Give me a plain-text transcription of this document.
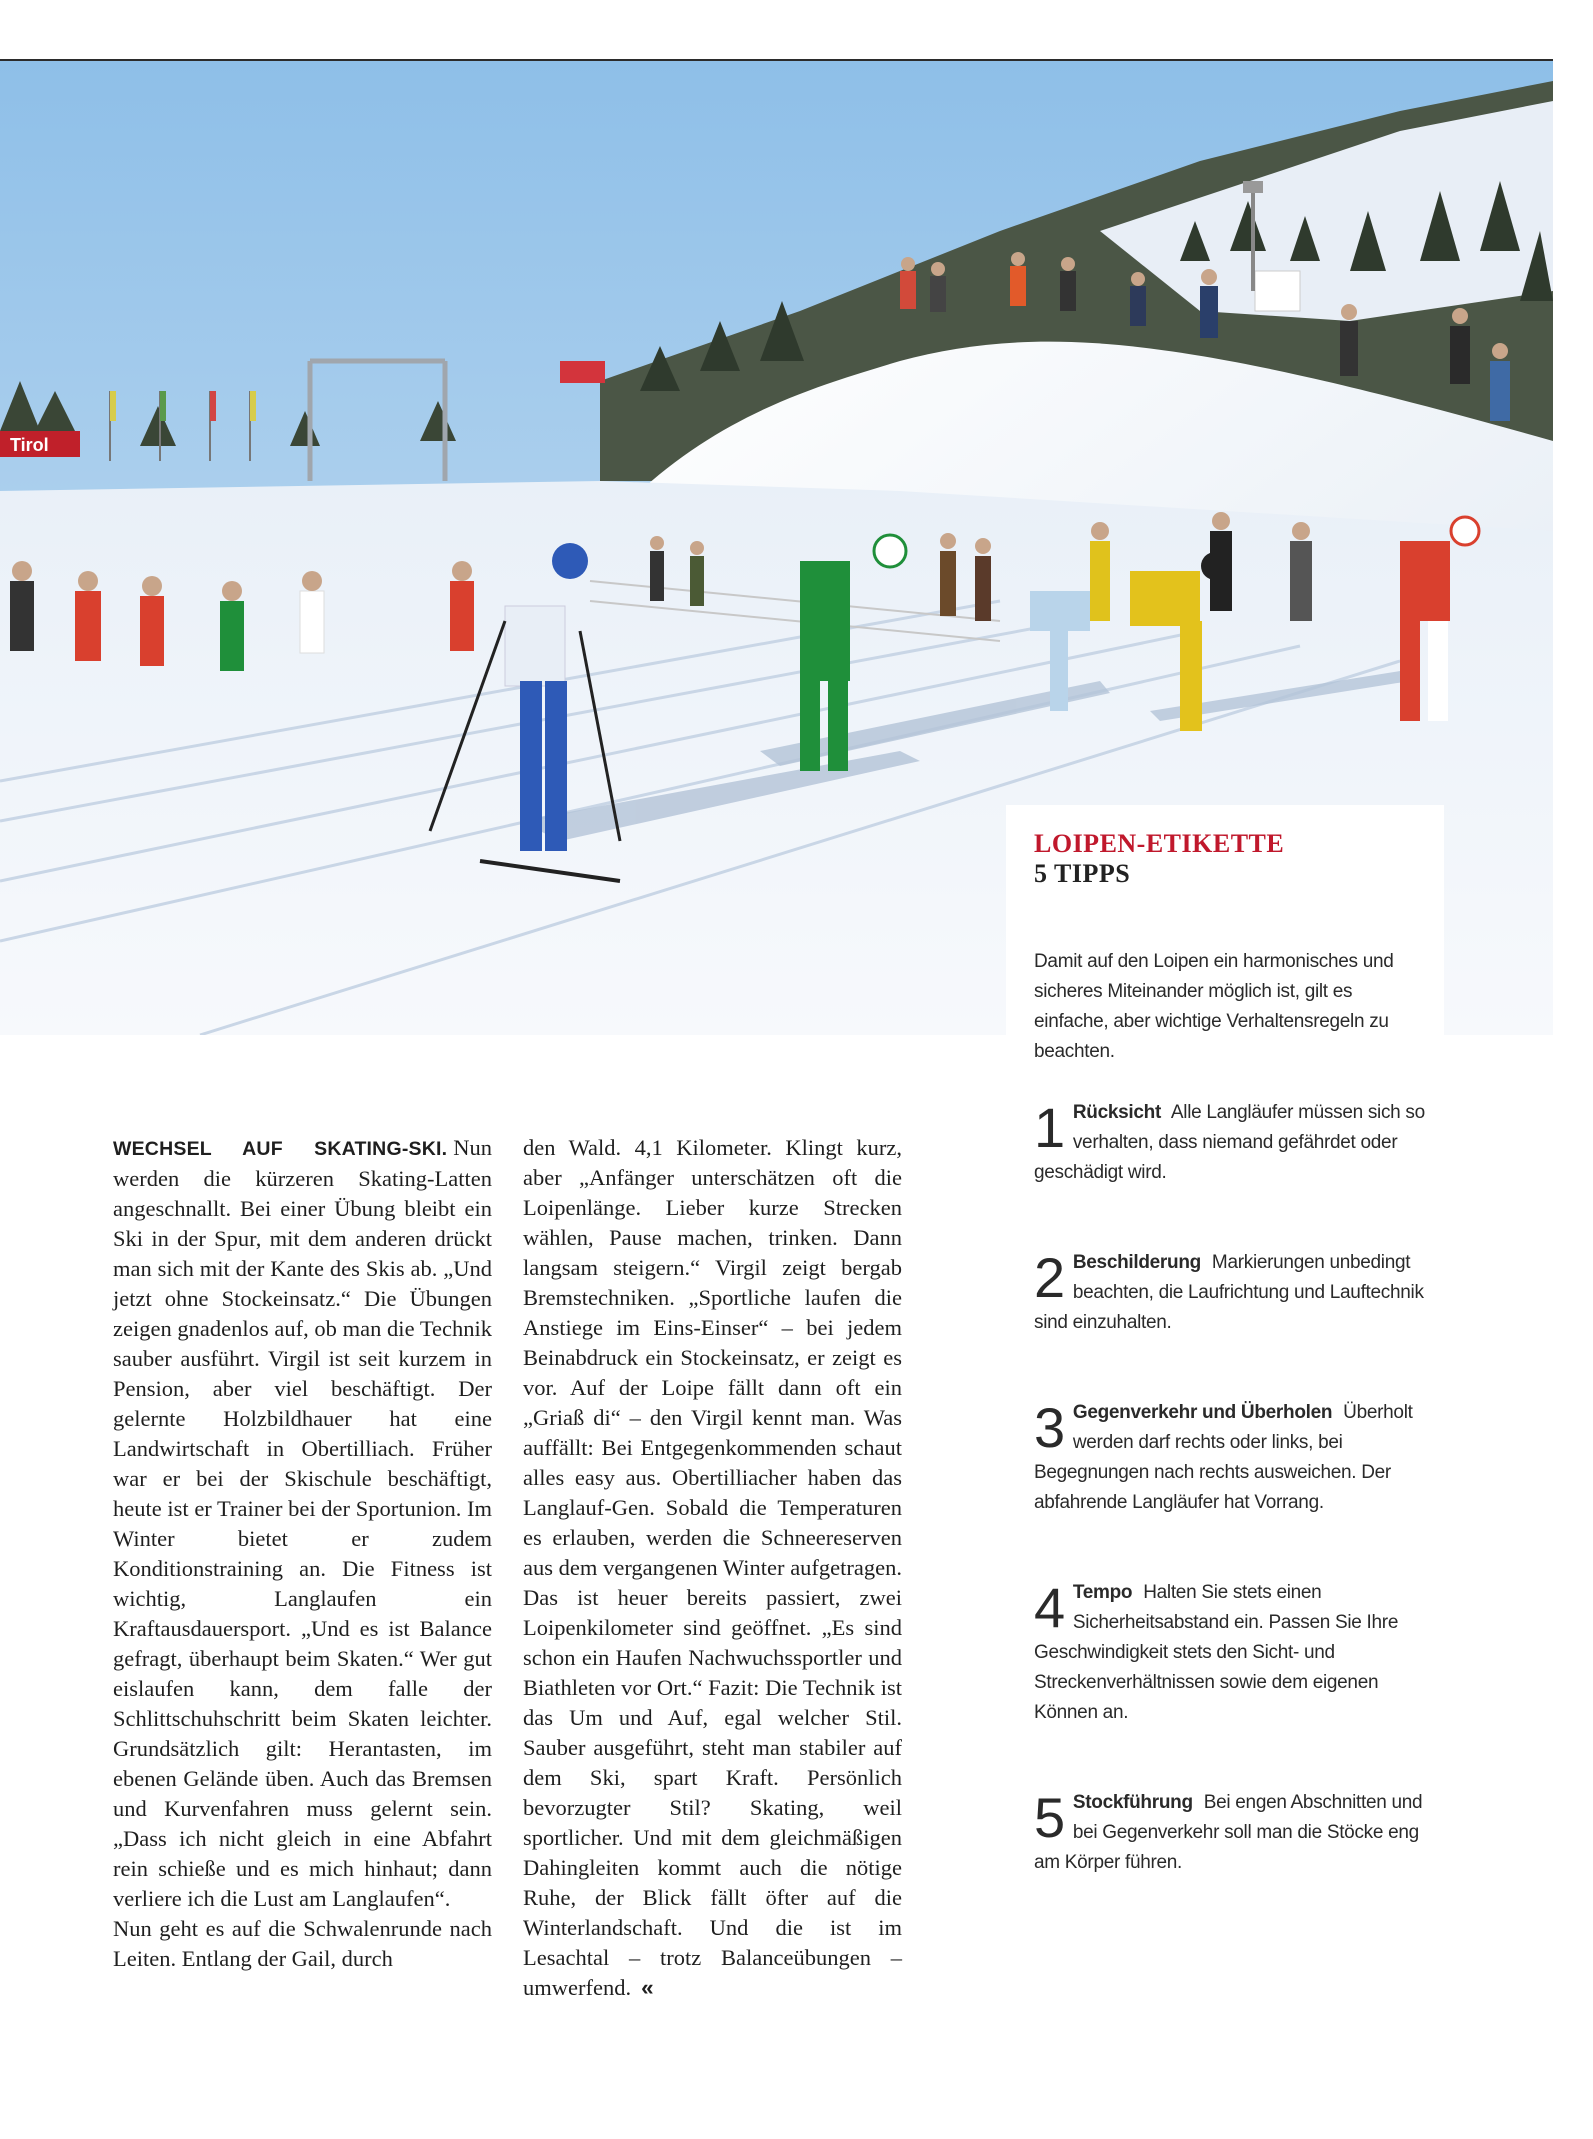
Tirol
LOIPEN-ETIKETTE
5 TIPPS
Damit auf den Loipen ein harmonisches und sicheres Miteinander möglich ist, gilt es einfache, aber wichtige Verhaltensregeln zu beachten.
1 Rücksicht Alle Langläufer müssen sich so verhalten, dass niemand gefährdet oder geschädigt wird.
2 Beschilderung Markierungen unbedingt beachten, die Laufrichtung und Lauftechnik sind einzuhalten.
3 Gegenverkehr und Überholen Überholt werden darf rechts oder links, bei Begegnungen nach rechts ausweichen. Der abfahrende Langläufer hat Vorrang.
4 Tempo Halten Sie stets einen Sicherheitsabstand ein. Passen Sie Ihre Geschwindigkeit stets den Sicht- und Streckenverhältnissen sowie dem eigenen Können an.
5 Stockführung Bei engen Abschnitten und bei Gegenverkehr soll man die Stöcke eng am Körper führen.

WECHSEL AUF SKATING-SKI. Nun werden die kürzeren Skating-Latten angeschnallt. Bei einer Übung bleibt ein Ski in der Spur, mit dem anderen drückt man sich mit der Kante des Skis ab. „Und jetzt ohne Stockeinsatz.“ Die Übungen zeigen gnadenlos auf, ob man die Technik sauber ausführt. Virgil ist seit kurzem in Pension, aber viel beschäftigt. Der gelernte Holzbildhauer hat eine Landwirtschaft in Obertilliach. Früher war er bei der Skischule beschäftigt, heute ist er Trainer bei der Sportunion. Im Winter bietet er zudem Konditionstraining an. Die Fitness ist wichtig, Langlaufen ein Kraftausdauersport. „Und es ist Balance gefragt, überhaupt beim Skaten.“ Wer gut eislaufen kann, dem falle der Schlittschuhschritt beim Skaten leichter. Grundsätzlich gilt: Herantasten, im ebenen Gelände üben. Auch das Bremsen und Kurvenfahren muss gelernt sein. „Dass ich nicht gleich in eine Abfahrt rein schieße und es mich hinhaut; dann verliere ich die Lust am Langlaufen“.

Nun geht es auf die Schwalenrunde nach Leiten. Entlang der Gail, durch

den Wald. 4,1 Kilometer. Klingt kurz, aber „Anfänger unterschätzen oft die Loipenlänge. Lieber kurze Strecken wählen, Pause machen, trinken. Dann langsam steigern.“ Virgil zeigt bergab Bremstechniken. „Sportliche laufen die Anstiege im Eins-Einser“ – bei jedem Beinabdruck ein Stockeinsatz, er zeigt es vor. Auf der Loipe fällt dann oft ein „Griaß di“ – den Virgil kennt man. Was auffällt: Bei Entgegenkommenden schaut alles easy aus. Obertilliacher haben das Langlauf-Gen. Sobald die Temperaturen es erlauben, werden die Schneereserven aus dem vergangenen Winter aufgetragen. Das ist heuer bereits passiert, zwei Loipenkilometer sind geöffnet. „Es sind schon ein Haufen Nachwuchssportler und Biathleten vor Ort.“ Fazit: Die Technik ist das Um und Auf, egal welcher Stil. Sauber ausgeführt, steht man stabiler auf dem Ski, spart Kraft. Persönlich bevorzugter Stil? Skating, weil sportlicher. Und mit dem gleichmäßigen Dahingleiten kommt auch die nötige Ruhe, der Blick fällt öfter auf die Winterlandschaft. Und die ist im Lesachtal – trotz Balanceübungen – umwerfend. «
